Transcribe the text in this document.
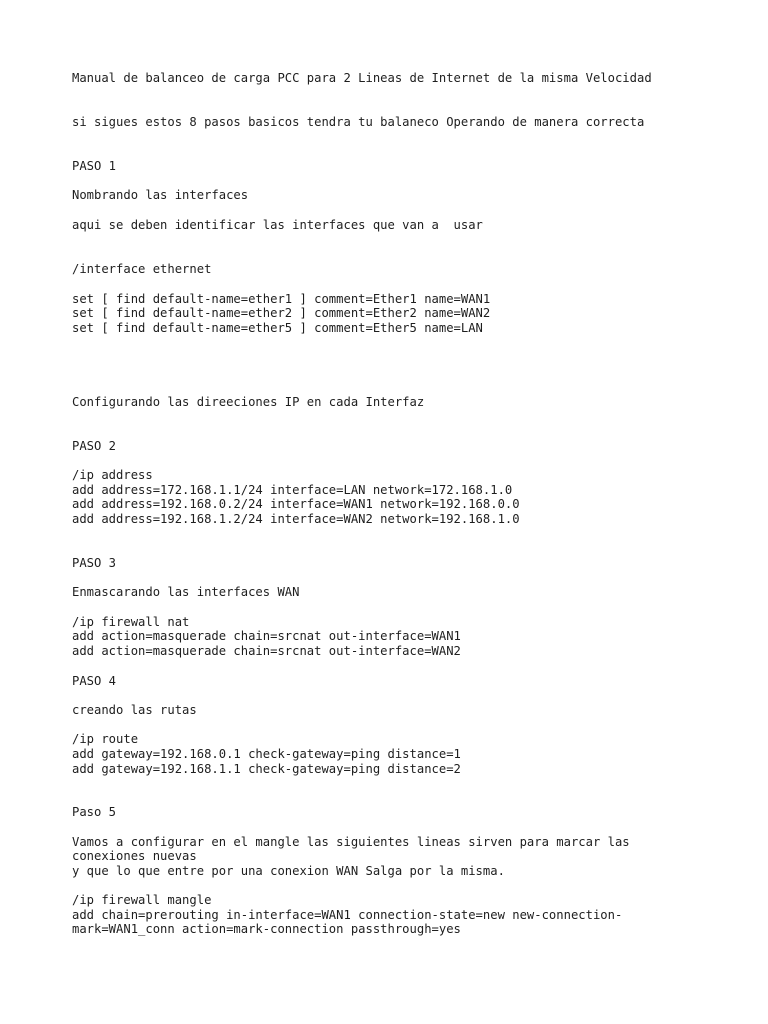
Manual de balanceo de carga PCC para 2 Lineas de Internet de la misma Velocidad
si sigues estos 8 pasos basicos tendra tu balaneco Operando de manera correcta
PASO 1
Nombrando las interfaces
aqui se deben identificar las interfaces que van a  usar
/interface ethernet
set [ find default-name=ether1 ] comment=Ether1 name=WAN1
set [ find default-name=ether2 ] comment=Ether2 name=WAN2
set [ find default-name=ether5 ] comment=Ether5 name=LAN
Configurando las direeciones IP en cada Interfaz
PASO 2
/ip address
add address=172.168.1.1/24 interface=LAN network=172.168.1.0
add address=192.168.0.2/24 interface=WAN1 network=192.168.0.0
add address=192.168.1.2/24 interface=WAN2 network=192.168.1.0
PASO 3
Enmascarando las interfaces WAN
/ip firewall nat
add action=masquerade chain=srcnat out-interface=WAN1
add action=masquerade chain=srcnat out-interface=WAN2
PASO 4
creando las rutas
/ip route
add gateway=192.168.0.1 check-gateway=ping distance=1
add gateway=192.168.1.1 check-gateway=ping distance=2
Paso 5
Vamos a configurar en el mangle las siguientes lineas sirven para marcar las
conexiones nuevas
y que lo que entre por una conexion WAN Salga por la misma.
/ip firewall mangle
add chain=prerouting in-interface=WAN1 connection-state=new new-connection-
mark=WAN1_conn action=mark-connection passthrough=yes
